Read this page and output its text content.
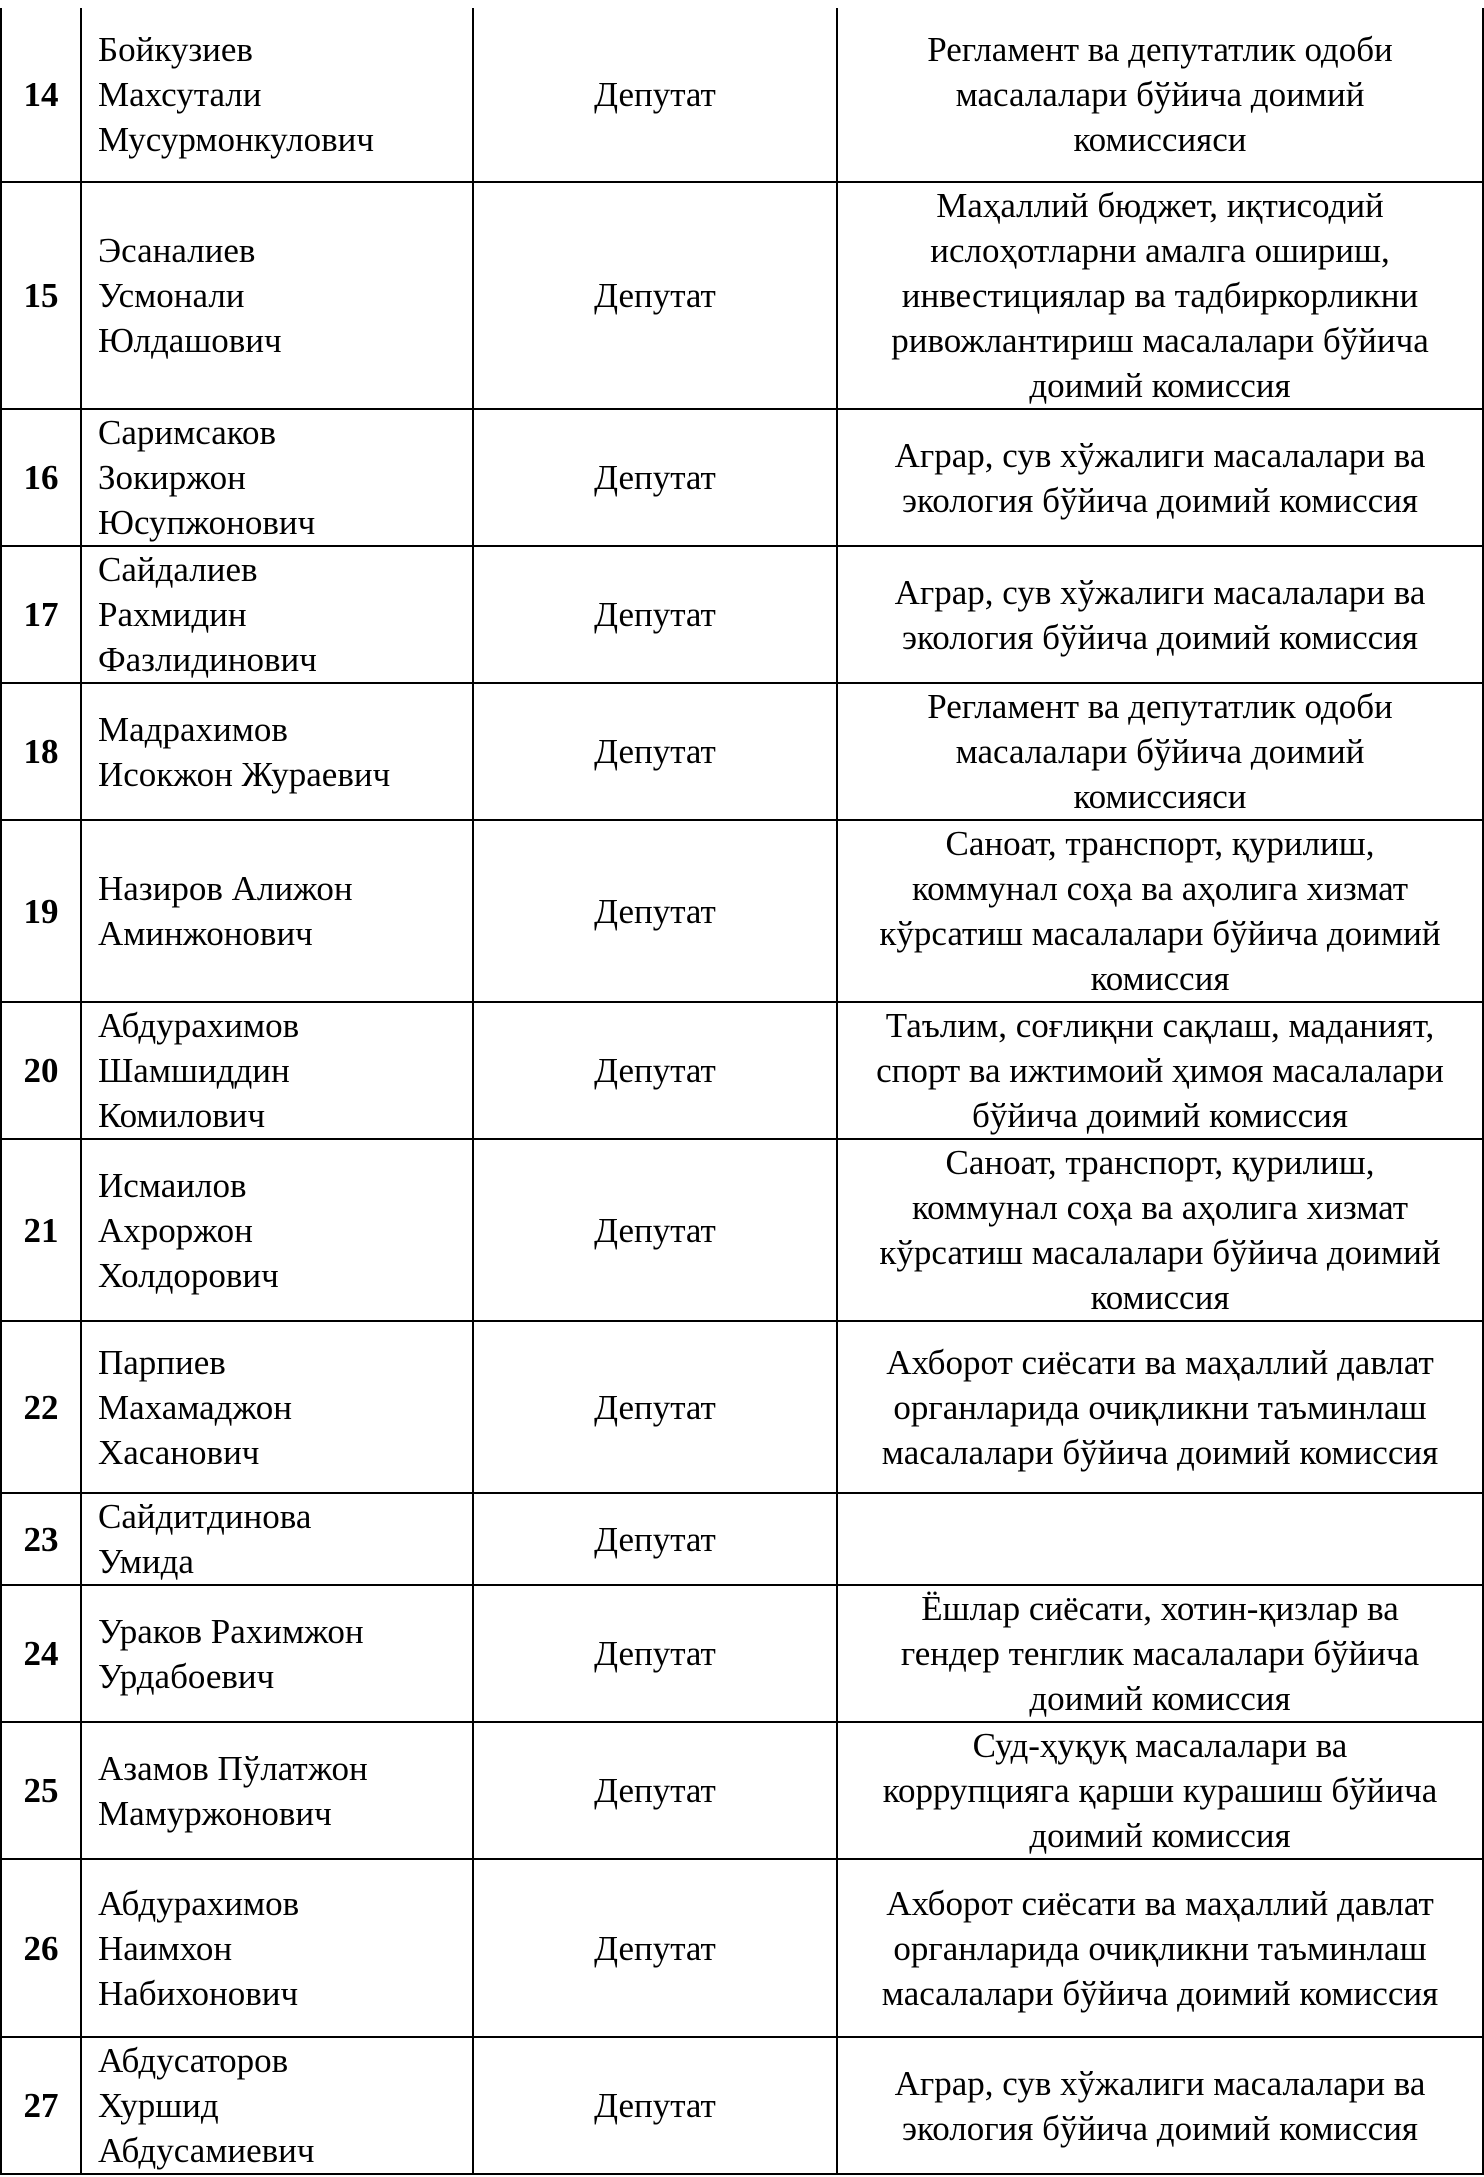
14	Бойкузиев
Махсутали
Мусурмонкулович	Депутат	Регламент ва депутатлик одоби
масалалари бўйича доимий
комиссияси

15	Эсаналиев
Усмонали
Юлдашович	Депутат	Маҳаллий бюджет, иқтисодий
ислоҳотларни амалга ошириш,
инвестициялар ва тадбиркорликни
ривожлантириш масалалари бўйича
доимий комиссия

16	Саримсаков
Зокиржон
Юсупжонович	Депутат	Аграр, сув хўжалиги масалалари ва
экология бўйича доимий комиссия

17	Сайдалиев
Рахмидин
Фазлидинович	Депутат	Аграр, сув хўжалиги масалалари ва
экология бўйича доимий комиссия

18	Мадрахимов
Исокжон Жураевич	Депутат	Регламент ва депутатлик одоби
масалалари бўйича доимий
комиссияси

19	Назиров Алижон
Аминжонович	Депутат	Саноат, транспорт, қурилиш,
коммунал соҳа ва аҳолига хизмат
кўрсатиш масалалари бўйича доимий
комиссия

20	Абдурахимов
Шамшиддин
Комилович	Депутат	Таълим, соғлиқни сақлаш, маданият,
спорт ва ижтимоий ҳимоя масалалари
бўйича доимий комиссия

21	Исмаилов
Ахроржон
Холдорович	Депутат	Саноат, транспорт, қурилиш,
коммунал соҳа ва аҳолига хизмат
кўрсатиш масалалари бўйича доимий
комиссия

22	Парпиев
Махамаджон
Хасанович	Депутат	Ахборот сиёсати ва маҳаллий давлат
органларида очиқликни таъминлаш
масалалари бўйича доимий комиссия

23	Сайдитдинова
Умида	Депутат	

24	Ураков Рахимжон
Урдабоевич	Депутат	Ёшлар сиёсати, хотин-қизлар ва
гендер тенглик масалалари бўйича
доимий комиссия

25	Азамов Пўлатжон
Мамуржонович	Депутат	Суд-ҳуқуқ масалалари ва
коррупцияга қарши курашиш бўйича
доимий комиссия

26	Абдурахимов
Наимхон
Набихонович	Депутат	Ахборот сиёсати ва маҳаллий давлат
органларида очиқликни таъминлаш
масалалари бўйича доимий комиссия

27	Абдусаторов
Хуршид
Абдусамиевич	Депутат	Аграр, сув хўжалиги масалалари ва
экология бўйича доимий комиссия
